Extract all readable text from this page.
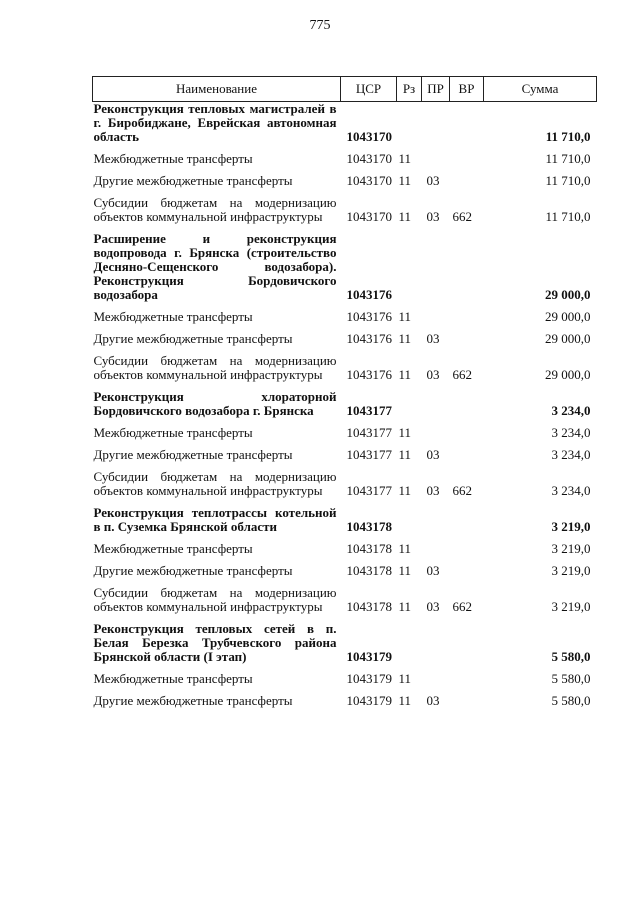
775
Наименование	ЦСР	Рз	ПР	ВР	Сумма
Реконструкция тепловых магистралей в г. Биробиджане, Еврейская автономная область	1043170				11 710,0
Межбюджетные трансферты	1043170	11			11 710,0
Другие межбюджетные трансферты	1043170	11	03		11 710,0
Субсидии бюджетам на модернизацию объектов коммунальной инфраструктуры	1043170	11	03	662	11 710,0
Расширение и реконструкция водопровода г. Брянска (строительство Десняно-Сещенского водозабора). Реконструкция Бордовичского водозабора	1043176				29 000,0
Межбюджетные трансферты	1043176	11			29 000,0
Другие межбюджетные трансферты	1043176	11	03		29 000,0
Субсидии бюджетам на модернизацию объектов коммунальной инфраструктуры	1043176	11	03	662	29 000,0
Реконструкция хлораторной Бордовичского водозабора г. Брянска	1043177				3 234,0
Межбюджетные трансферты	1043177	11			3 234,0
Другие межбюджетные трансферты	1043177	11	03		3 234,0
Субсидии бюджетам на модернизацию объектов коммунальной инфраструктуры	1043177	11	03	662	3 234,0
Реконструкция теплотрассы котельной в п. Суземка Брянской области	1043178				3 219,0
Межбюджетные трансферты	1043178	11			3 219,0
Другие межбюджетные трансферты	1043178	11	03		3 219,0
Субсидии бюджетам на модернизацию объектов коммунальной инфраструктуры	1043178	11	03	662	3 219,0
Реконструкция тепловых сетей в п. Белая Березка Трубчевского района Брянской области (I этап)	1043179				5 580,0
Межбюджетные трансферты	1043179	11			5 580,0
Другие межбюджетные трансферты	1043179	11	03		5 580,0
